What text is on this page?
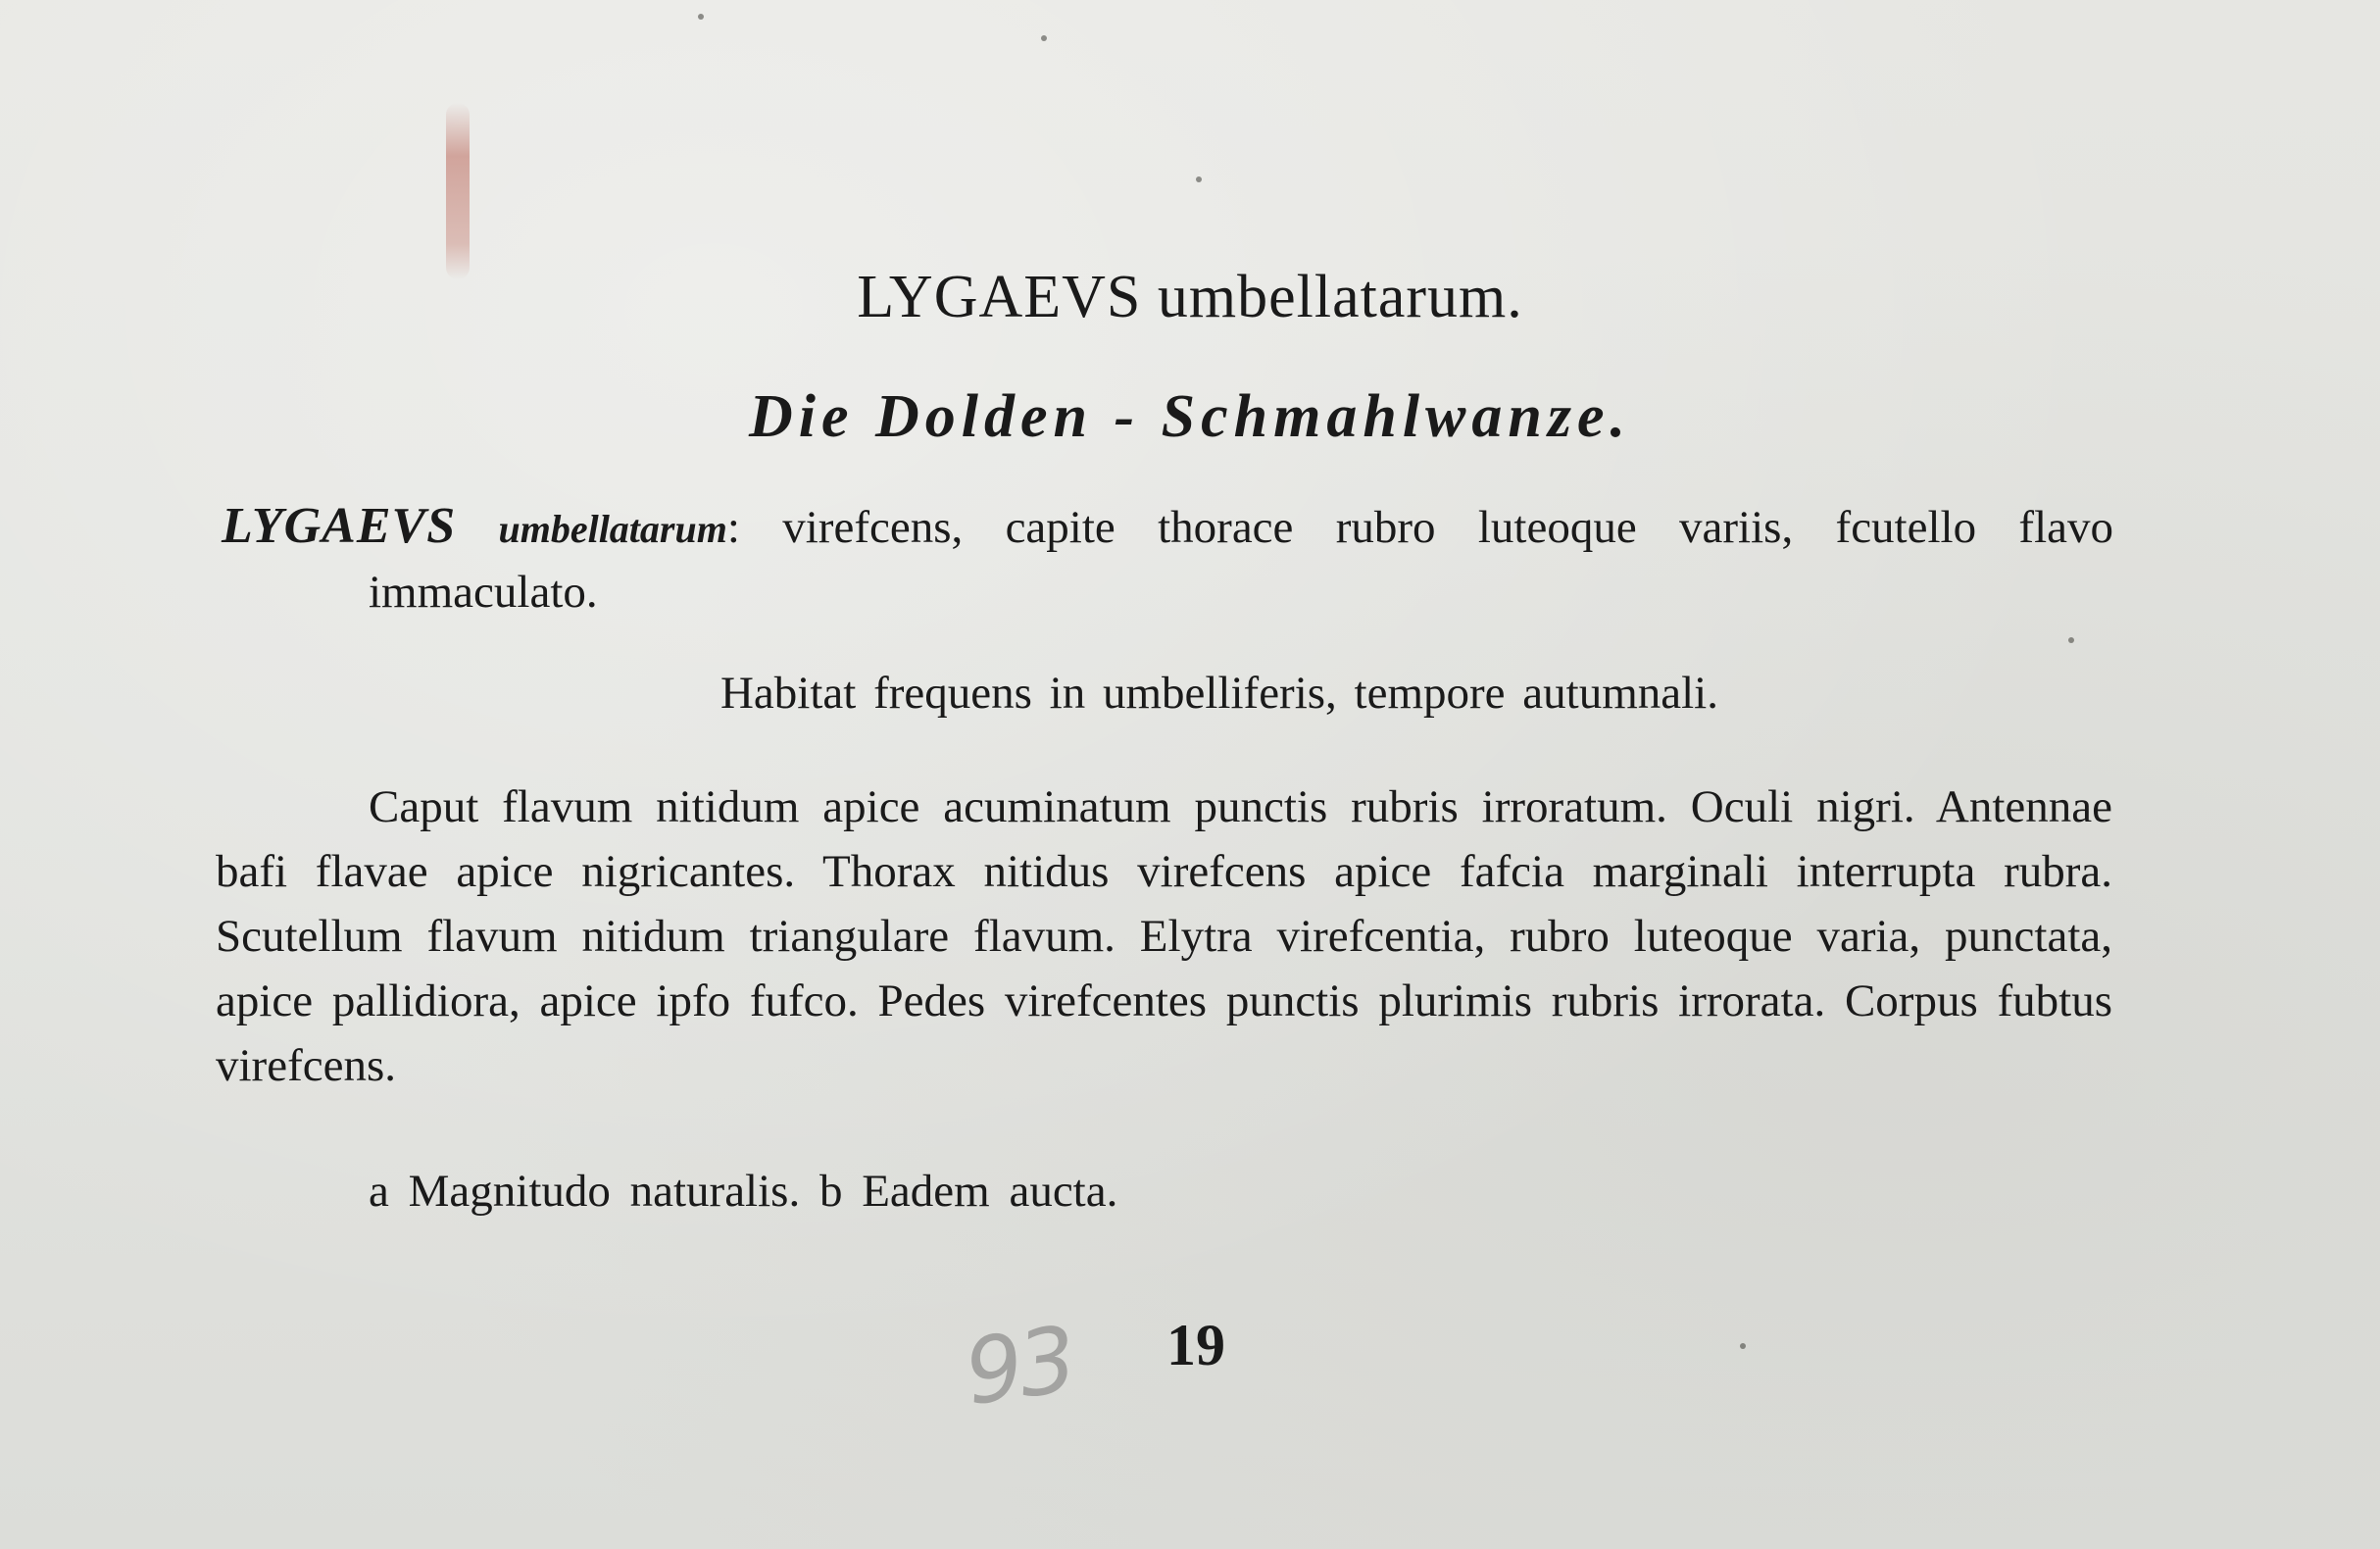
LYGAEVS umbellatarum.
Die Dolden - Schmahlwanze.
LYGAEVS umbellatarum: virefcens, capite thorace rubro luteoque variis, fcutello flavo immaculato.
Habitat frequens in umbelliferis, tempore autumnali.
Caput flavum nitidum apice acuminatum punctis rubris irroratum. Oculi nigri. Antennae bafi flavae apice nigricantes. Thorax nitidus virefcens apice fafcia marginali interrupta rubra. Scutellum flavum nitidum triangulare flavum. Elytra virefcentia, rubro luteoque varia, punctata, apice pallidiora, apice ipfo fufco. Pedes virefcentes punctis plurimis rubris irrorata. Corpus fubtus virefcens.
a Magnitudo naturalis. b Eadem aucta.
93 19
